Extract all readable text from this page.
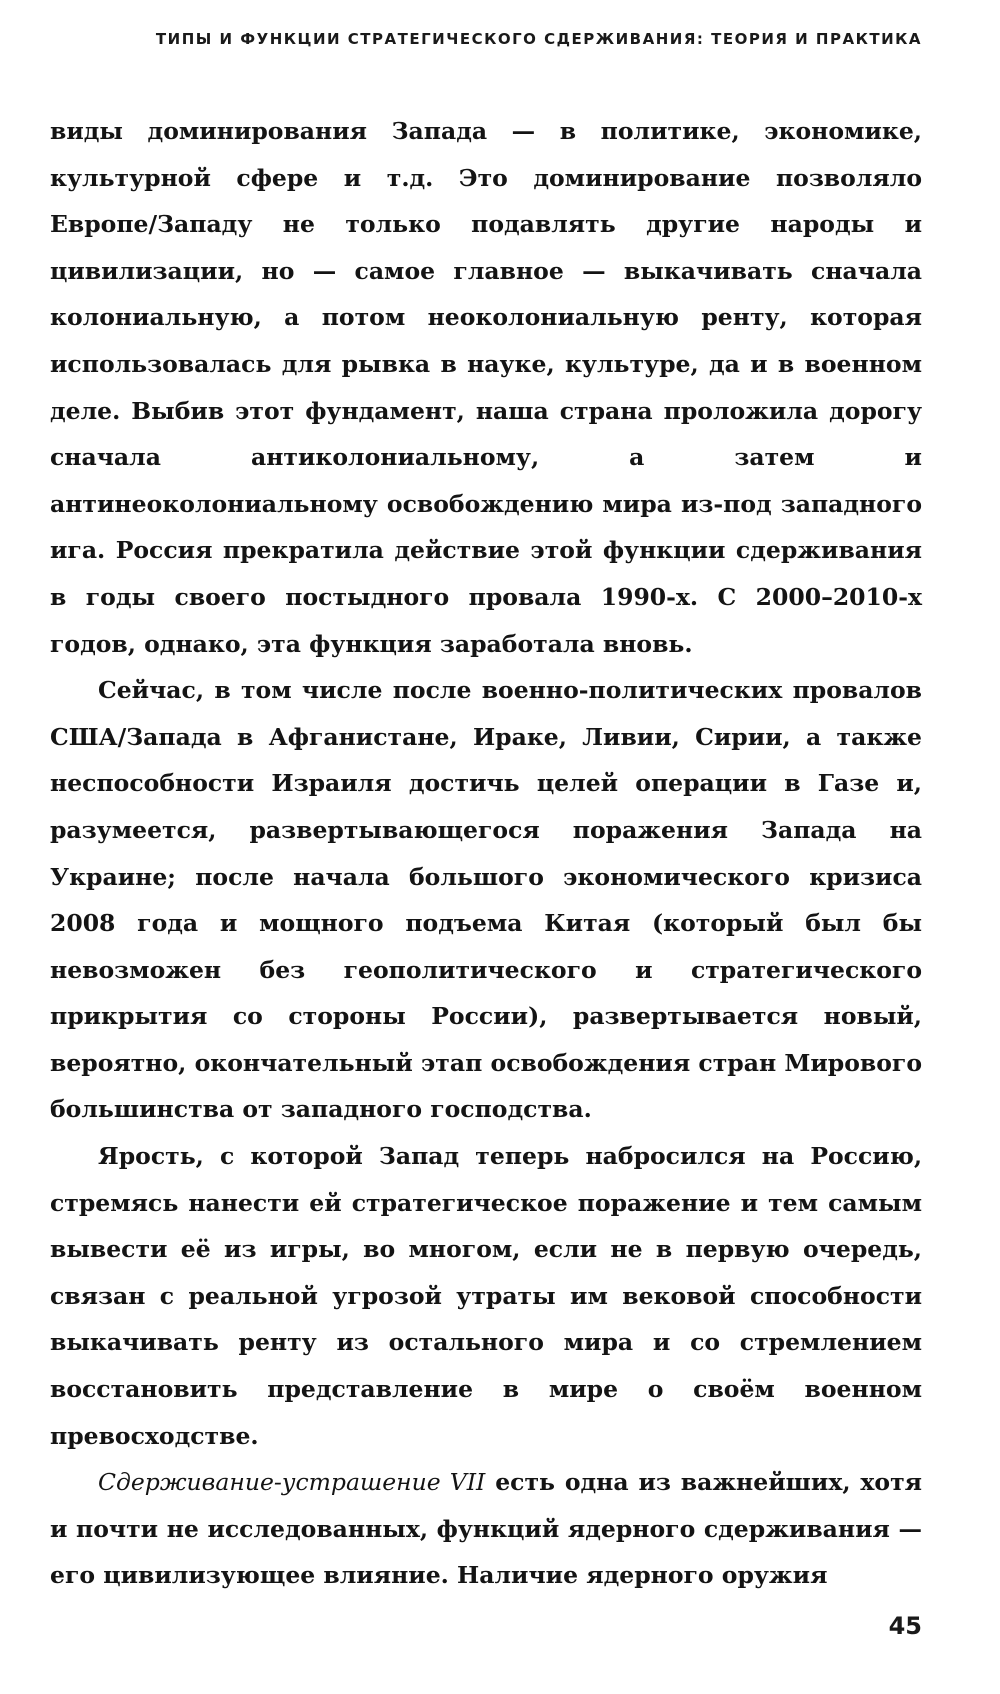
ТИПЫ И ФУНКЦИИ СТРАТЕГИЧЕСКОГО СДЕРЖИВАНИЯ: ТЕОРИЯ И ПРАКТИКА

виды доминирования Запада — в политике, экономике, культурной сфере и т.д. Это доминирование позволяло Европе/Западу не только подавлять другие народы и цивилизации, но — самое главное — выкачивать сначала колониальную, а потом неоколониальную ренту, которая использовалась для рывка в науке, культуре, да и в военном деле. Выбив этот фундамент, наша страна проложила дорогу сначала антиколониальному, а затем и антинеоколониальному освобождению мира из-под западного ига. Россия прекратила действие этой функции сдерживания в годы своего постыдного провала 1990-х. С 2000–2010-х годов, однако, эта функция заработала вновь.

Сейчас, в том числе после военно-политических провалов США/Запада в Афганистане, Ираке, Ливии, Сирии, а также неспособности Израиля достичь целей операции в Газе и, разумеется, развертывающегося поражения Запада на Украине; после начала большого экономического кризиса 2008 года и мощного подъема Китая (который был бы невозможен без геополитического и стратегического прикрытия со стороны России), развертывается новый, вероятно, окончательный этап освобождения стран Мирового большинства от западного господства.

Ярость, с которой Запад теперь набросился на Россию, стремясь нанести ей стратегическое поражение и тем самым вывести её из игры, во многом, если не в первую очередь, связан с реальной угрозой утраты им вековой способности выкачивать ренту из остального мира и со стремлением восстановить представление в мире о своём военном превосходстве.

Сдерживание-устрашение VII есть одна из важнейших, хотя и почти не исследованных, функций ядерного сдерживания — его цивилизующее влияние. Наличие ядерного оружия

45
